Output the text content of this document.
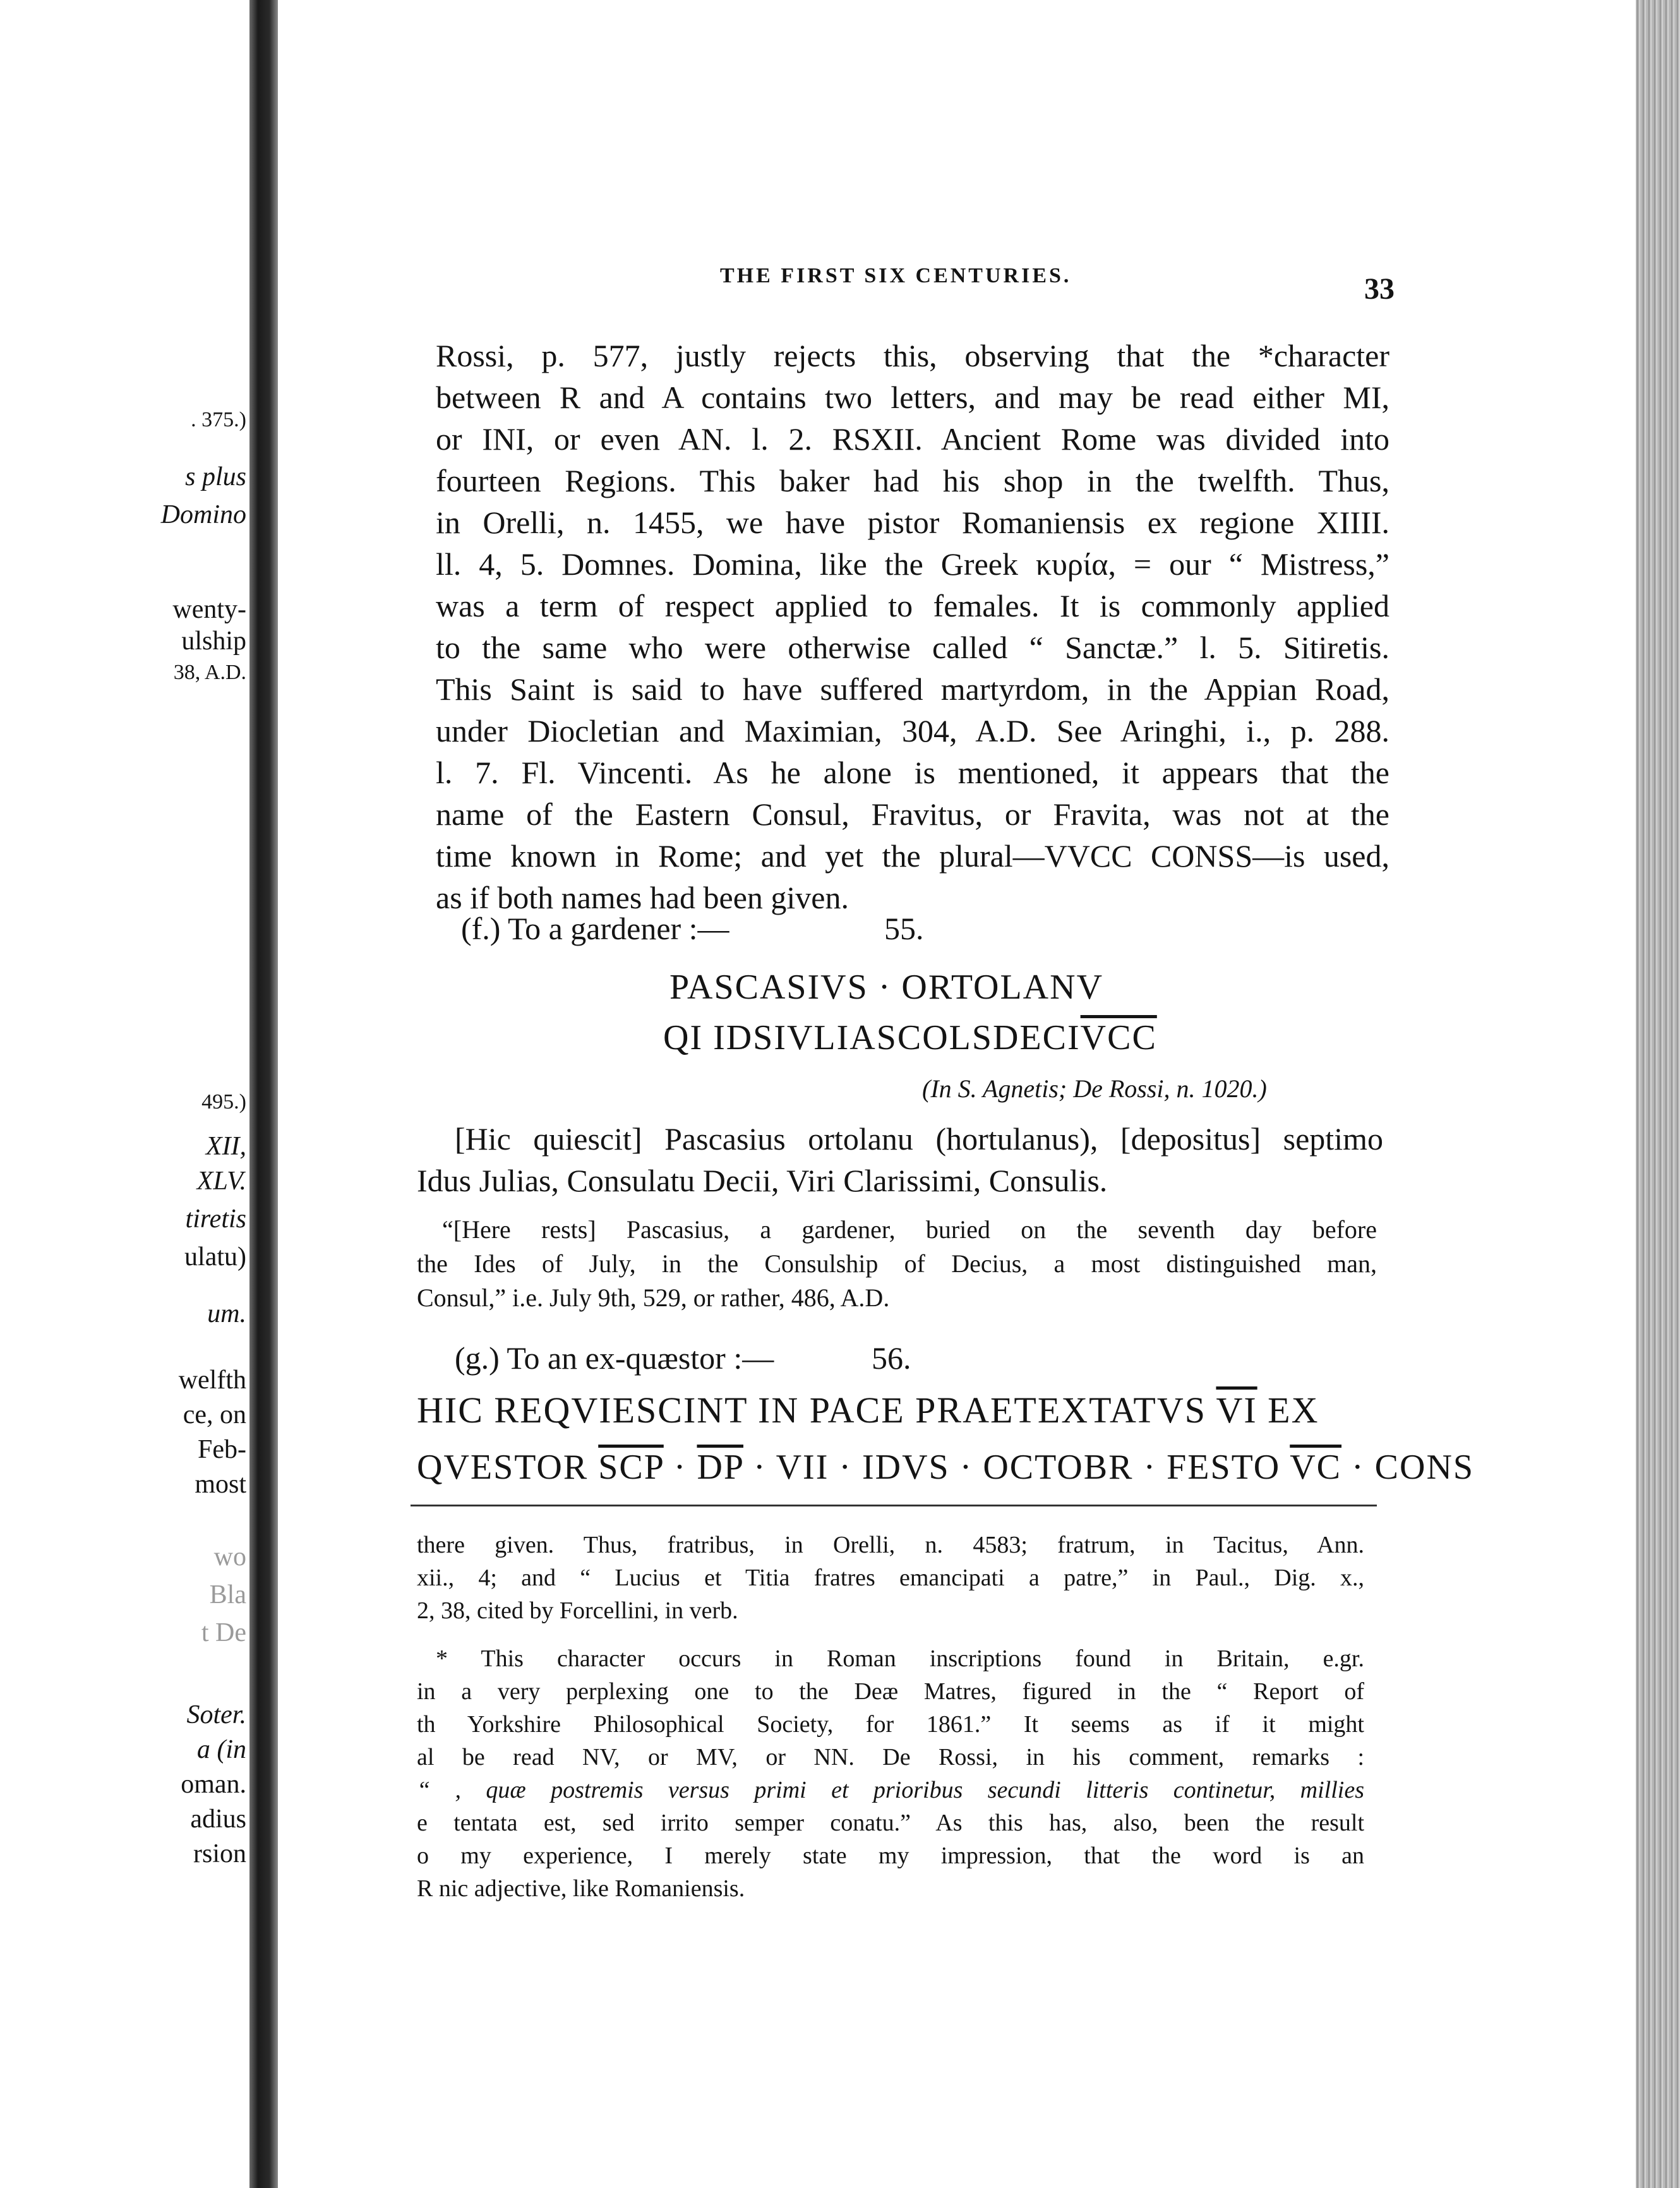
. 375.)
s plus
Domino
wenty-
ulship
38, A.D.
495.)
XII,
XLV.
tiretis
ulatu)
um.
welfth
ce, on
Feb-
most
wo
Bla
t De
Soter.
a (in
oman.
adius
rsion
THE FIRST SIX CENTURIES.	33
Rossi, p. 577, justly rejects this, observing that the *character
between R and A contains two letters, and may be read either MI,
or INI, or even AN. l. 2. RSXII. Ancient Rome was divided into
fourteen Regions. This baker had his shop in the twelfth. Thus,
in Orelli, n. 1455, we have pistor Romaniensis ex regione XIIII.
ll. 4, 5. Domnes. Domina, like the Greek κυρία, = our “ Mistress,”
was a term of respect applied to females. It is commonly applied
to the same who were otherwise called “ Sanctæ.” l. 5. Sitiretis.
This Saint is said to have suffered martyrdom, in the Appian Road,
under Diocletian and Maximian, 304, A.D. See Aringhi, i., p. 288.
l. 7. Fl. Vincenti. As he alone is mentioned, it appears that the
name of the Eastern Consul, Fravitus, or Fravita, was not at the
time known in Rome; and yet the plural—VVCC CONSS—is used,
as if both names had been given.
(f.) To a gardener :—	55.
PASCASIVS · ORTOLANV
QI $IDSIVLIASCOLSDECI\overline{VCC}$
(In S. Agnetis; De Rossi, n. 1020.)
[Hic quiescit] Pascasius ortolanu (hortulanus), [depositus] septimo
Idus Julias, Consulatu Decii, Viri Clarissimi, Consulis.
“[Here rests] Pascasius, a gardener, buried on the seventh day before
the Ides of July, in the Consulship of Decius, a most distinguished man,
Consul,” i.e. July 9th, 529, or rather, 486, A.D.
(g.) To an ex-quæstor :—	56.
HIC REQVIESCINT IN PACE PRAETEXTATVS $\overline{VI}$ EX
QVESTOR $\overline{SCP} \cdot \overline{DP}$ · VII · IDVS · OCTOBR · FESTO $\overline{VC}$ · CONS
there given. Thus, fratribus, in Orelli, n. 4583; fratrum, in Tacitus, Ann.
xii., 4; and “ Lucius et Titia fratres emancipati a patre,” in Paul., Dig. x.,
2, 38, cited by Forcellini, in verb.
* This character occurs in Roman inscriptions found in Britain, e.gr.
in a very perplexing one to the Deæ Matres, figured in the “ Report of
th Yorkshire Philosophical Society, for 1861.” It seems as if it might
al be read NV, or MV, or NN. De Rossi, in his comment, remarks :
“ , quæ postremis versus primi et prioribus secundi litteris continetur, millies
e tentata est, sed irrito semper conatu.” As this has, also, been the result
o my experience, I merely state my impression, that the word is an
R nic adjective, like Romaniensis.
